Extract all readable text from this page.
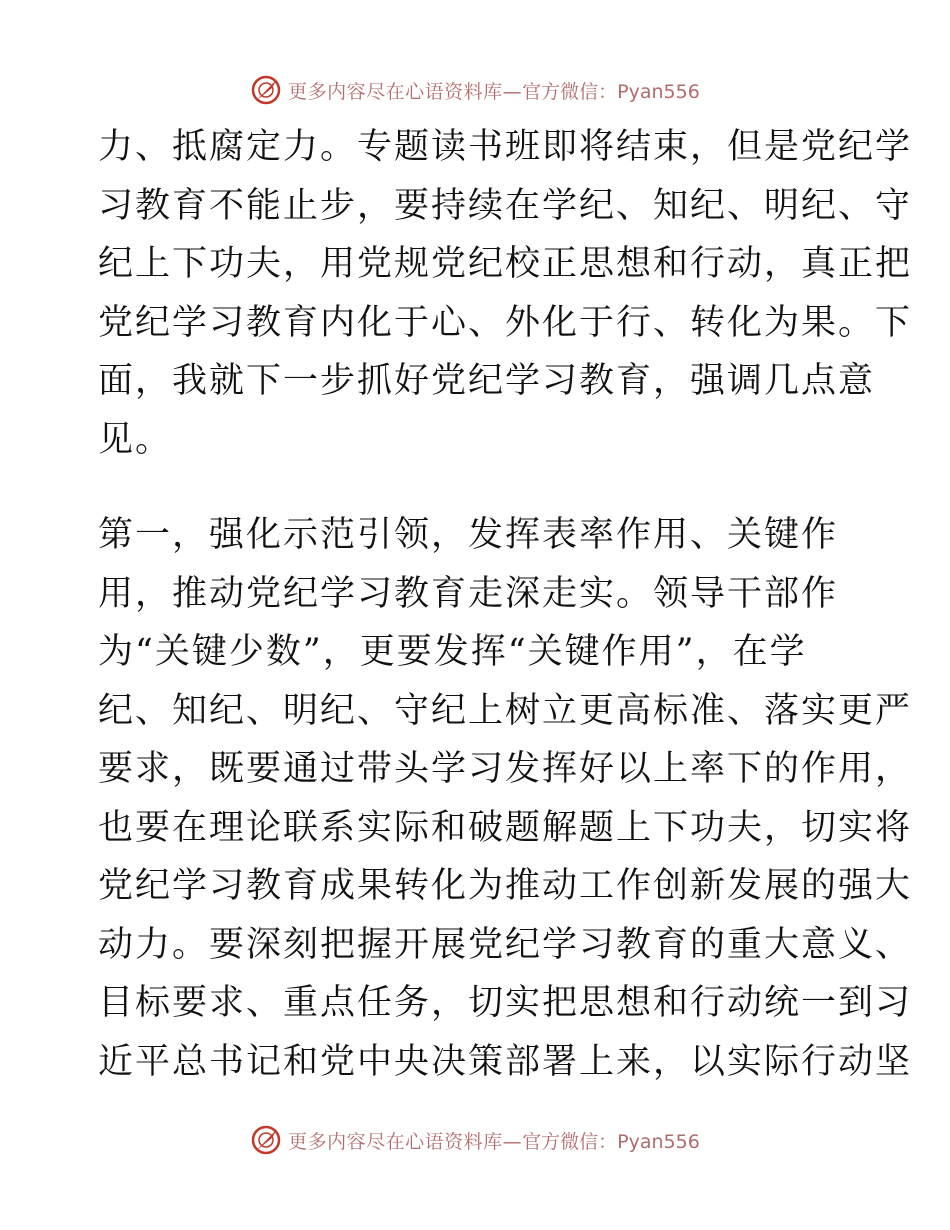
更多内容尽在心语资料库— 官方微信：Pyan556
力、抵腐定力。专题读书班即将结束，但是党纪学
习教育不能止步，要持续在学纪、知纪、明纪、守
纪上下功夫，用党规党纪校正思想和行动，真正把
党纪学习教育内化于心、外化于行、转化为果。下
面，我就下一步抓好党纪学习教育，强调几点意
见。
第一，强化示范引领，发挥表率作用、关键作
用，推动党纪学习教育走深走实。领导干部作
为“关键少数”，更要发挥“关键作用”，在学
纪、知纪、明纪、守纪上树立更高标准、落实更严
要求，既要通过带头学习发挥好以上率下的作用，
也要在理论联系实际和破题解题上下功夫，切实将
党纪学习教育成果转化为推动工作创新发展的强大
动力。要深刻把握开展党纪学习教育的重大意义、
目标要求、重点任务，切实把思想和行动统一到习
近平总书记和党中央决策部署上来，以实际行动坚
更多内容尽在心语资料库— 官方微信：Pyan556
